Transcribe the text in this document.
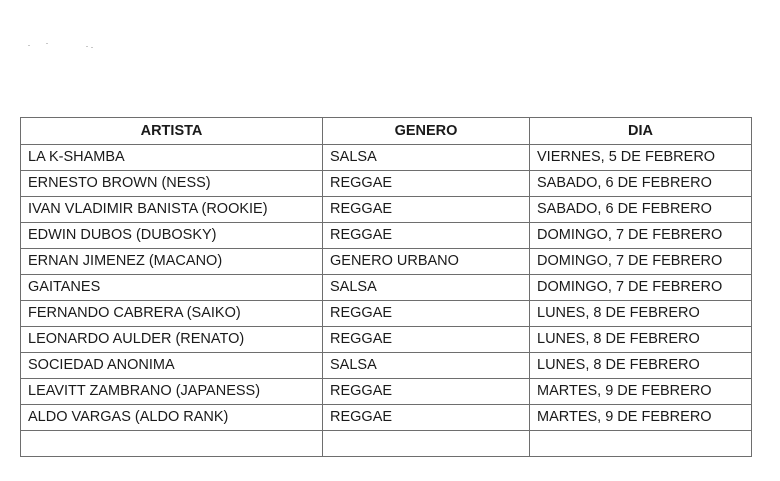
ARTISTA	GENERO	DIA
LA K-SHAMBA	SALSA	VIERNES, 5 DE FEBRERO
ERNESTO BROWN (NESS)	REGGAE	SABADO, 6 DE FEBRERO
IVAN VLADIMIR BANISTA (ROOKIE)	REGGAE	SABADO, 6 DE FEBRERO
EDWIN DUBOS (DUBOSKY)	REGGAE	DOMINGO, 7 DE FEBRERO
ERNAN JIMENEZ (MACANO)	GENERO URBANO	DOMINGO, 7 DE FEBRERO
GAITANES	SALSA	DOMINGO, 7 DE FEBRERO
FERNANDO CABRERA (SAIKO)	REGGAE	LUNES, 8 DE FEBRERO
LEONARDO AULDER (RENATO)	REGGAE	LUNES, 8 DE FEBRERO
SOCIEDAD ANONIMA	SALSA	LUNES, 8 DE FEBRERO
LEAVITT ZAMBRANO (JAPANESS)	REGGAE	MARTES, 9 DE FEBRERO
ALDO VARGAS (ALDO RANK)	REGGAE	MARTES, 9 DE FEBRERO
